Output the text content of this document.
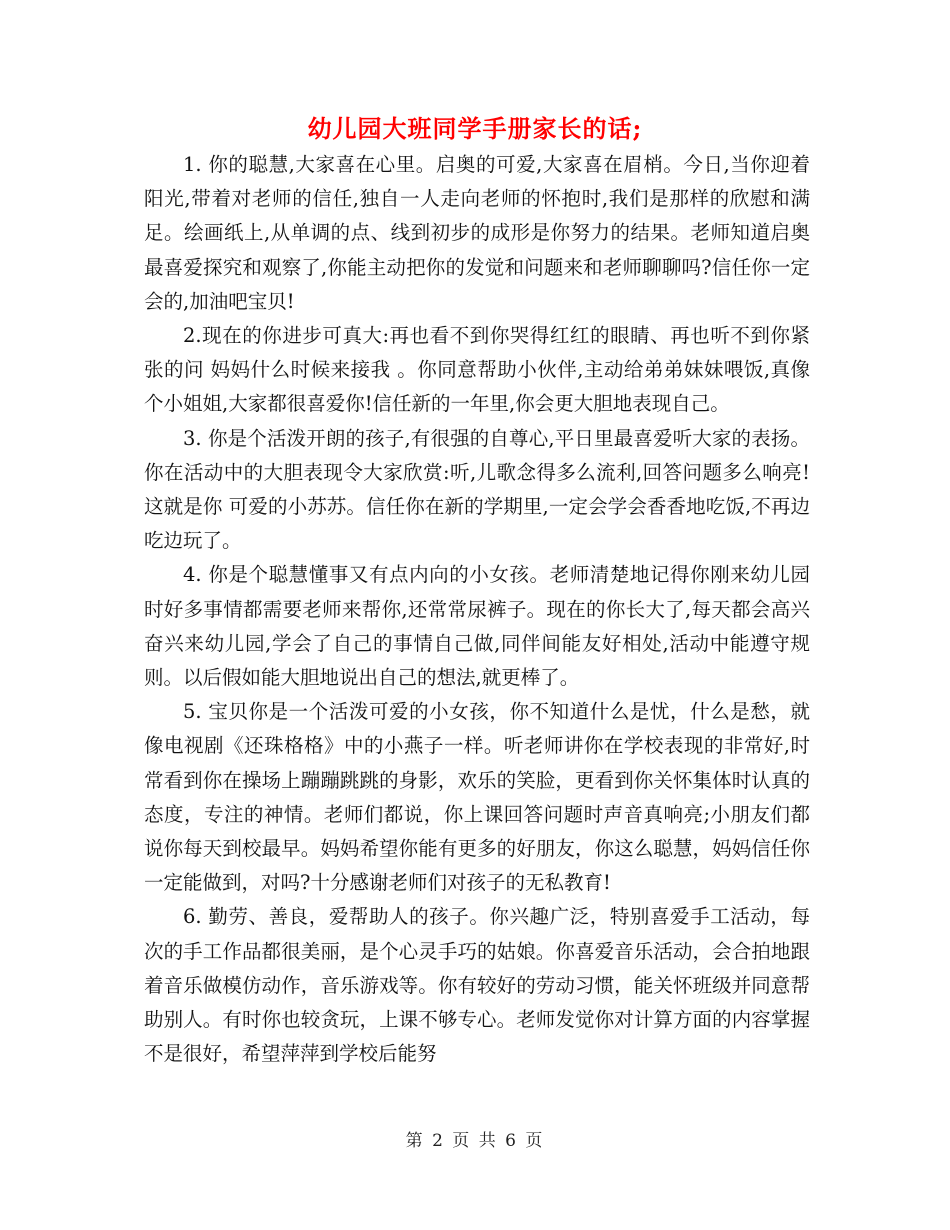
幼儿园大班同学手册家长的话;

1. 你的聪慧,大家喜在心里。启奥的可爱,大家喜在眉梢。今日,当你迎着阳光,带着对老师的信任,独自一人走向老师的怀抱时,我们是那样的欣慰和满足。绘画纸上,从单调的点、线到初步的成形是你努力的结果。老师知道启奥最喜爱探究和观察了,你能主动把你的发觉和问题来和老师聊聊吗?信任你一定会的,加油吧宝贝!

2.现在的你进步可真大:再也看不到你哭得红红的眼睛、再也听不到你紧张的问 妈妈什么时候来接我 。你同意帮助小伙伴,主动给弟弟妹妹喂饭,真像个小姐姐,大家都很喜爱你!信任新的一年里,你会更大胆地表现自己。

3. 你是个活泼开朗的孩子,有很强的自尊心,平日里最喜爱听大家的表扬。你在活动中的大胆表现令大家欣赏:听,儿歌念得多么流利,回答问题多么响亮!这就是你 可爱的小苏苏。信任你在新的学期里,一定会学会香香地吃饭,不再边吃边玩了。

4. 你是个聪慧懂事又有点内向的小女孩。老师清楚地记得你刚来幼儿园时好多事情都需要老师来帮你,还常常尿裤子。现在的你长大了,每天都会高兴奋兴来幼儿园,学会了自己的事情自己做,同伴间能友好相处,活动中能遵守规则。以后假如能大胆地说出自己的想法,就更棒了。

5. 宝贝你是一个活泼可爱的小女孩，你不知道什么是忧，什么是愁，就像电视剧《还珠格格》中的小燕子一样。听老师讲你在学校表现的非常好,时常看到你在操场上蹦蹦跳跳的身影，欢乐的笑脸，更看到你关怀集体时认真的态度，专注的神情。老师们都说，你上课回答问题时声音真响亮;小朋友们都说你每天到校最早。妈妈希望你能有更多的好朋友，你这么聪慧，妈妈信任你一定能做到，对吗?十分感谢老师们对孩子的无私教育!

6. 勤劳、善良，爱帮助人的孩子。你兴趣广泛，特别喜爱手工活动，每次的手工作品都很美丽，是个心灵手巧的姑娘。你喜爱音乐活动，会合拍地跟着音乐做模仿动作，音乐游戏等。你有较好的劳动习惯，能关怀班级并同意帮助别人。有时你也较贪玩，上课不够专心。老师发觉你对计算方面的内容掌握不是很好，希望萍萍到学校后能努

第 2 页 共 6 页
